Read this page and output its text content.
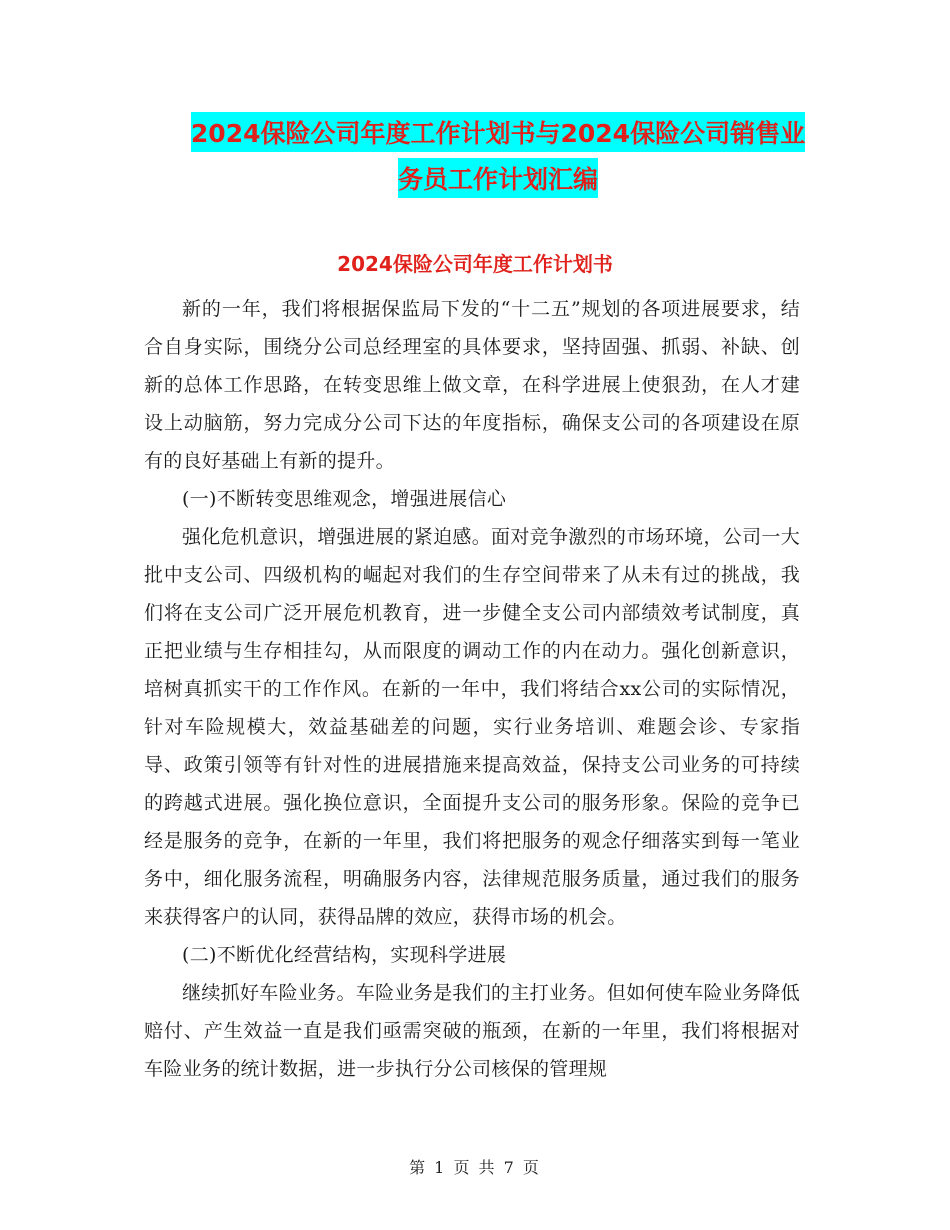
2024保险公司年度工作计划书与2024保险公司销售业
务员工作计划汇编
2024保险公司年度工作计划书

新的一年，我们将根据保监局下发的“十二五”规划的各项进展要求，结合自身实际，围绕分公司总经理室的具体要求，坚持固强、抓弱、补缺、创新的总体工作思路，在转变思维上做文章，在科学进展上使狠劲，在人才建设上动脑筋，努力完成分公司下达的年度指标，确保支公司的各项建设在原有的良好基础上有新的提升。

(一)不断转变思维观念，增强进展信心

强化危机意识，增强进展的紧迫感。面对竞争激烈的市场环境，公司一大批中支公司、四级机构的崛起对我们的生存空间带来了从未有过的挑战，我们将在支公司广泛开展危机教育，进一步健全支公司内部绩效考试制度，真正把业绩与生存相挂勾，从而限度的调动工作的内在动力。强化创新意识，培树真抓实干的工作作风。在新的一年中，我们将结合xx公司的实际情况，针对车险规模大，效益基础差的问题，实行业务培训、难题会诊、专家指导、政策引领等有针对性的进展措施来提高效益，保持支公司业务的可持续的跨越式进展。强化换位意识，全面提升支公司的服务形象。保险的竞争已经是服务的竞争，在新的一年里，我们将把服务的观念仔细落实到每一笔业务中，细化服务流程，明确服务内容，法律规范服务质量，通过我们的服务来获得客户的认同，获得品牌的效应，获得市场的机会。

(二)不断优化经营结构，实现科学进展

继续抓好车险业务。车险业务是我们的主打业务。但如何使车险业务降低赔付、产生效益一直是我们亟需突破的瓶颈，在新的一年里，我们将根据对车险业务的统计数据，进一步执行分公司核保的管理规

第 1 页 共 7 页
